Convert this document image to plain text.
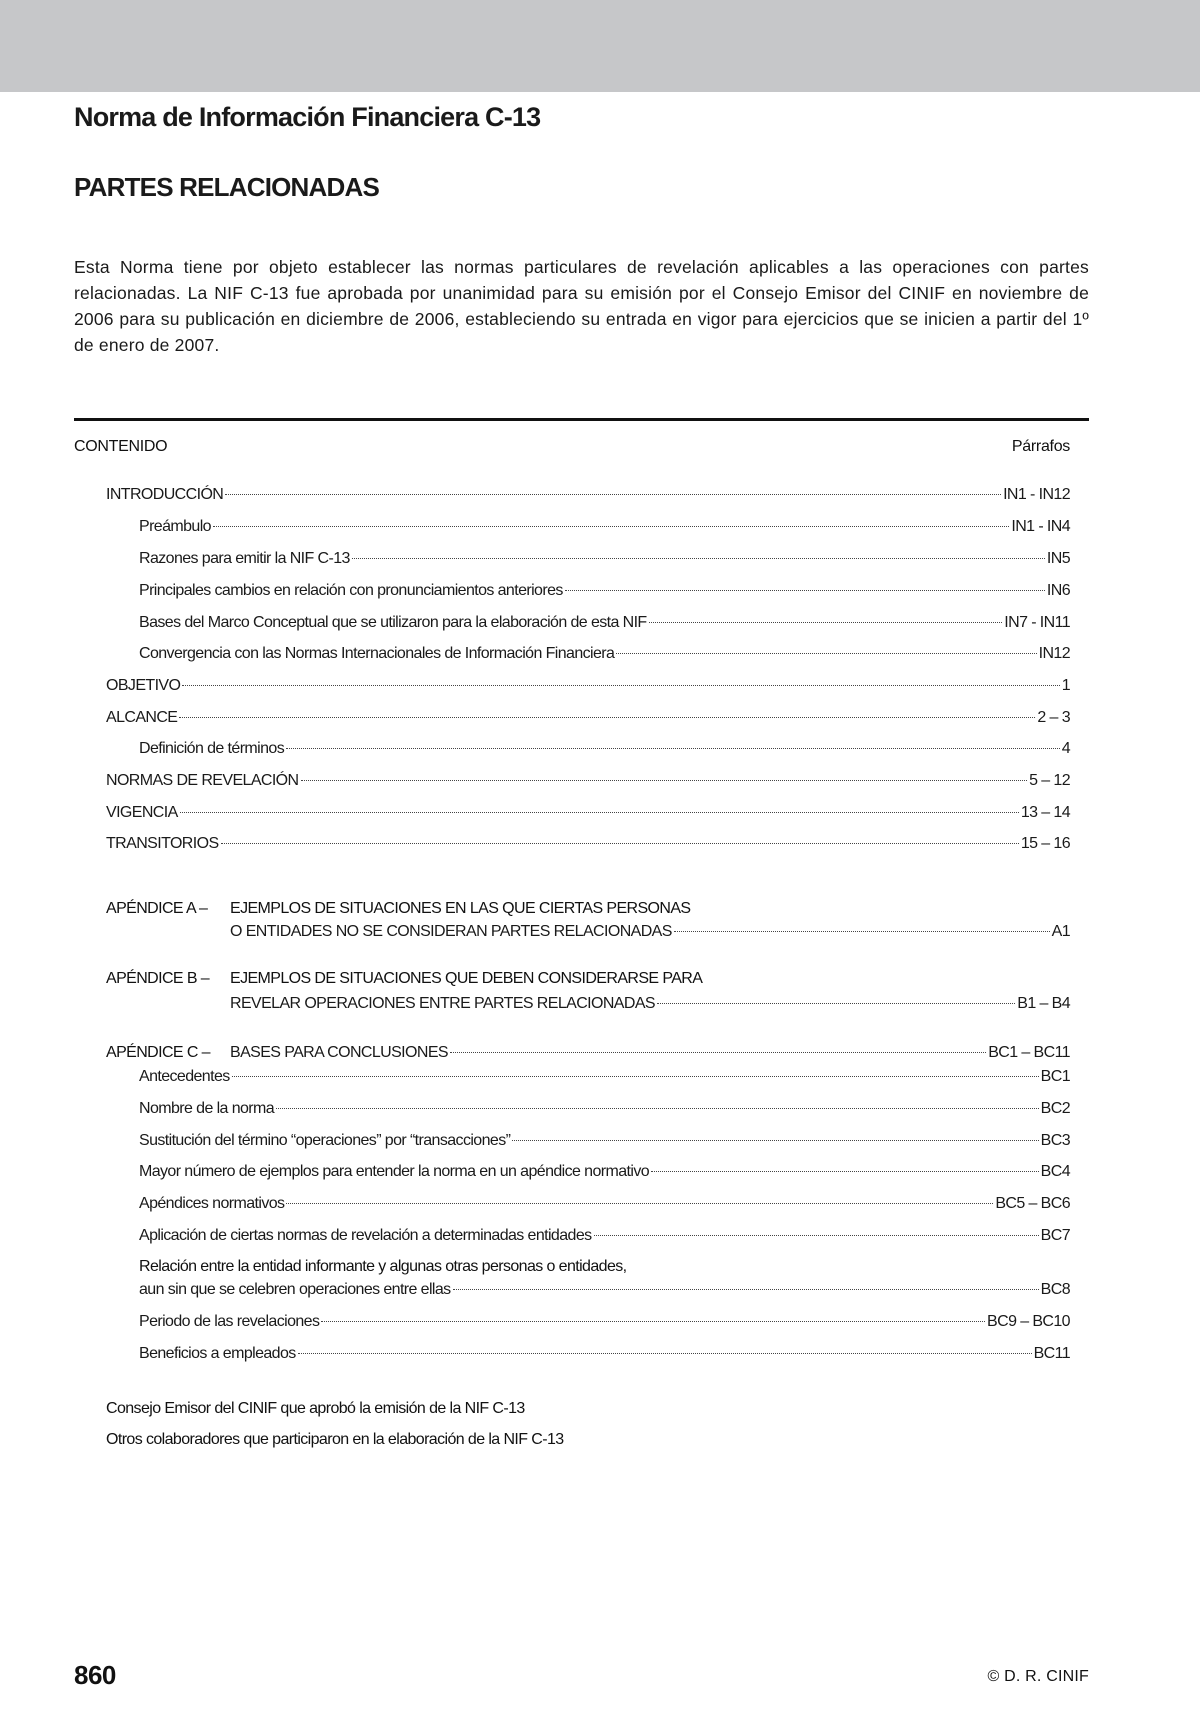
Norma de Información Financiera C-13
PARTES RELACIONADAS

Esta Norma tiene por objeto establecer las normas particulares de revelación aplicables a las operaciones con partes relacionadas. La NIF C-13 fue aprobada por unanimidad para su emisión por el Consejo Emisor del CINIF en noviembre de 2006 para su publicación en diciembre de 2006, estableciendo su entrada en vigor para ejercicios que se inicien a partir del 1º de enero de 2007.

CONTENIDO	Párrafos
INTRODUCCIÓN	IN1 - IN12
Preámbulo	IN1 - IN4
Razones para emitir la NIF C-13	IN5
Principales cambios en relación con pronunciamientos anteriores	IN6
Bases del Marco Conceptual que se utilizaron para la elaboración de esta NIF	IN7 - IN11
Convergencia con las Normas Internacionales de Información Financiera	IN12
OBJETIVO	1
ALCANCE	2 – 3
Definición de términos	4
NORMAS DE REVELACIÓN	5 – 12
VIGENCIA	13 – 14
TRANSITORIOS	15 – 16
APÉNDICE A – EJEMPLOS DE SITUACIONES EN LAS QUE CIERTAS PERSONAS
O ENTIDADES NO SE CONSIDERAN PARTES RELACIONADAS	A1
APÉNDICE B – EJEMPLOS DE SITUACIONES QUE DEBEN CONSIDERARSE PARA
REVELAR OPERACIONES ENTRE PARTES RELACIONADAS	B1 – B4
APÉNDICE C – BASES PARA CONCLUSIONES	BC1 – BC11
Antecedentes	BC1
Nombre de la norma	BC2
Sustitución del término “operaciones” por “transacciones”	BC3
Mayor número de ejemplos para entender la norma en un apéndice normativo	BC4
Apéndices normativos	BC5 – BC6
Aplicación de ciertas normas de revelación a determinadas entidades	BC7
Relación entre la entidad informante y algunas otras personas o entidades,
aun sin que se celebren operaciones entre ellas	BC8
Periodo de las revelaciones	BC9 – BC10
Beneficios a empleados	BC11
Consejo Emisor del CINIF que aprobó la emisión de la NIF C-13
Otros colaboradores que participaron en la elaboración de la NIF C-13
860	© D. R. CINIF
